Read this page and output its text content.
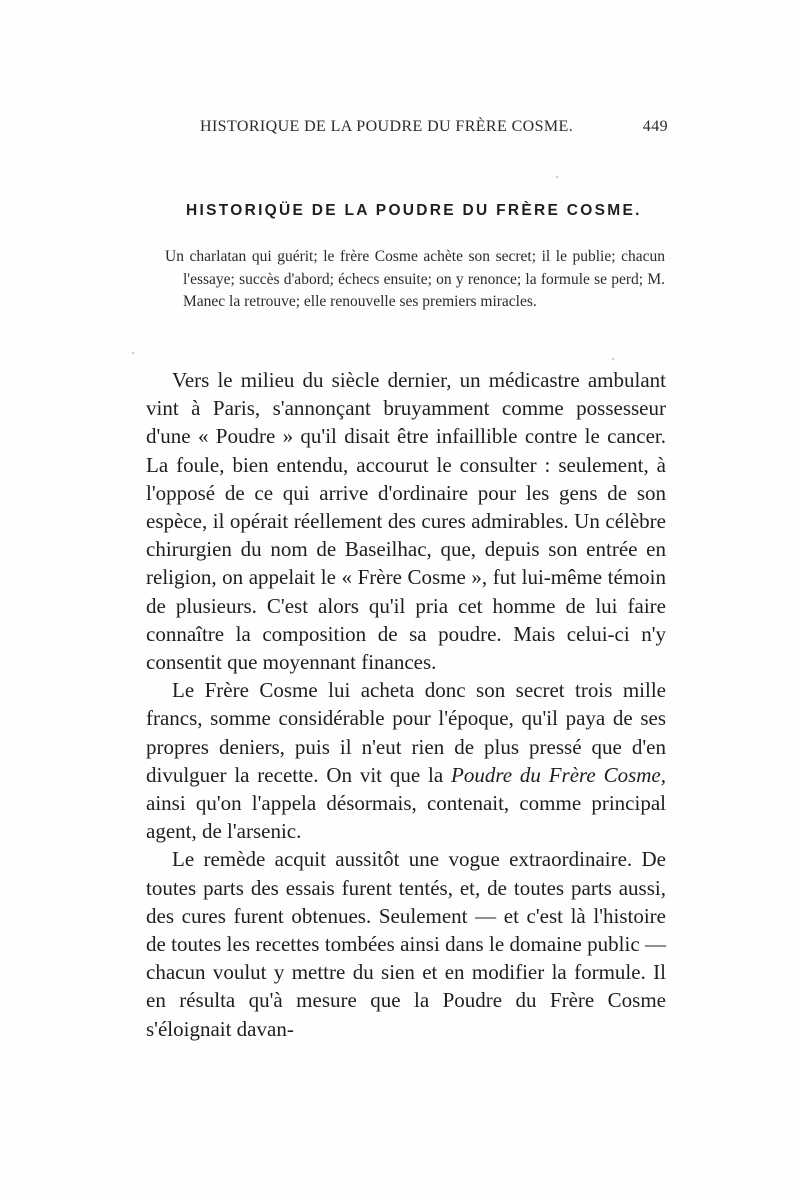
HISTORIQUE DE LA POUDRE DU FRÈRE COSME.	449
HISTORIQÜE DE LA POUDRE DU FRÈRE COSME.
Un charlatan qui guérit; le frère Cosme achète son secret; il le publie; chacun l'essaye; succès d'abord; échecs ensuite; on y renonce; la formule se perd; M. Manec la retrouve; elle renouvelle ses premiers miracles.

Vers le milieu du siècle dernier, un médicastre ambulant vint à Paris, s'annonçant bruyamment comme possesseur d'une « Poudre » qu'il disait être infaillible contre le cancer. La foule, bien entendu, accourut le consulter : seulement, à l'opposé de ce qui arrive d'ordinaire pour les gens de son espèce, il opérait réellement des cures admirables. Un célèbre chirurgien du nom de Baseilhac, que, depuis son entrée en religion, on appelait le « Frère Cosme », fut lui-même témoin de plusieurs. C'est alors qu'il pria cet homme de lui faire connaître la composition de sa poudre. Mais celui-ci n'y consentit que moyennant finances.

Le Frère Cosme lui acheta donc son secret trois mille francs, somme considérable pour l'époque, qu'il paya de ses propres deniers, puis il n'eut rien de plus pressé que d'en divulguer la recette. On vit que la Poudre du Frère Cosme, ainsi qu'on l'appela désormais, contenait, comme principal agent, de l'arsenic.

Le remède acquit aussitôt une vogue extraordinaire. De toutes parts des essais furent tentés, et, de toutes parts aussi, des cures furent obtenues. Seulement — et c'est là l'histoire de toutes les recettes tombées ainsi dans le domaine public — chacun voulut y mettre du sien et en modifier la formule. Il en résulta qu'à mesure que la Poudre du Frère Cosme s'éloignait davan-
